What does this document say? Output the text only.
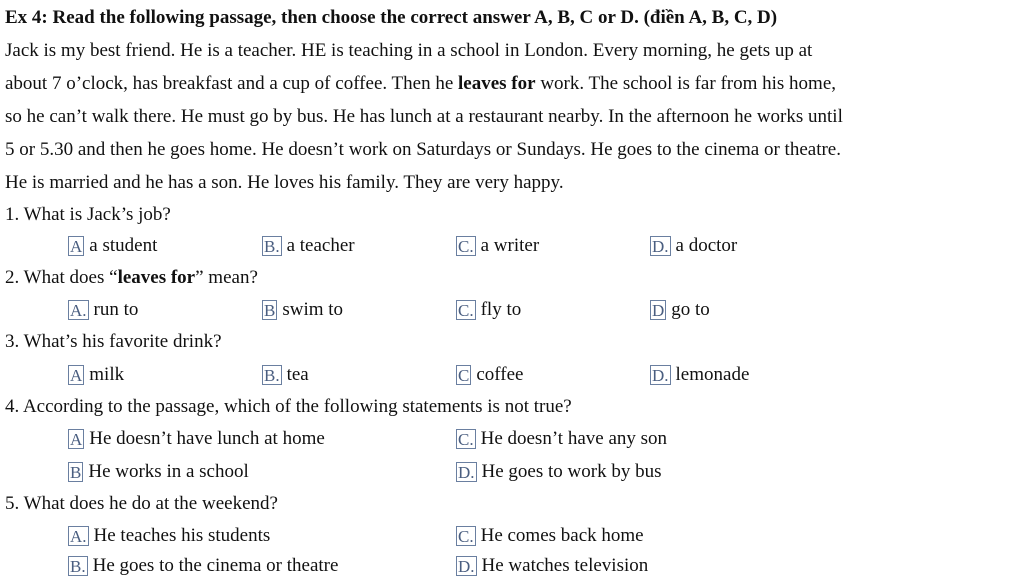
Ex 4: Read the following passage, then choose the correct answer A, B, C or D. (điền A, B, C, D)
Jack is my best friend. He is a teacher. HE is teaching in a school in London. Every morning, he gets up at
about 7 o’clock, has breakfast and a cup of coffee. Then he leaves for work. The school is far from his home,
so he can’t walk there. He must go by bus. He has lunch at a restaurant nearby. In the afternoon he works until
5 or 5.30 and then he goes home. He doesn’t work on Saturdays or Sundays. He goes to the cinema or theatre.
He is married and he has a son. He loves his family. They are very happy.
1. What is Jack’s job?
A a student	B. a teacher	C. a writer	D. a doctor
2. What does “leaves for” mean?
A. run to	B swim to	C. fly to	D go to
3. What’s his favorite drink?
A milk	B. tea	C coffee	D. lemonade
4. According to the passage, which of the following statements is not true?
A He doesn’t have lunch at home	C. He doesn’t have any son
B He works in a school	D. He goes to work by bus
5. What does he do at the weekend?
A. He teaches his students	C. He comes back home
B. He goes to the cinema or theatre	D. He watches television
